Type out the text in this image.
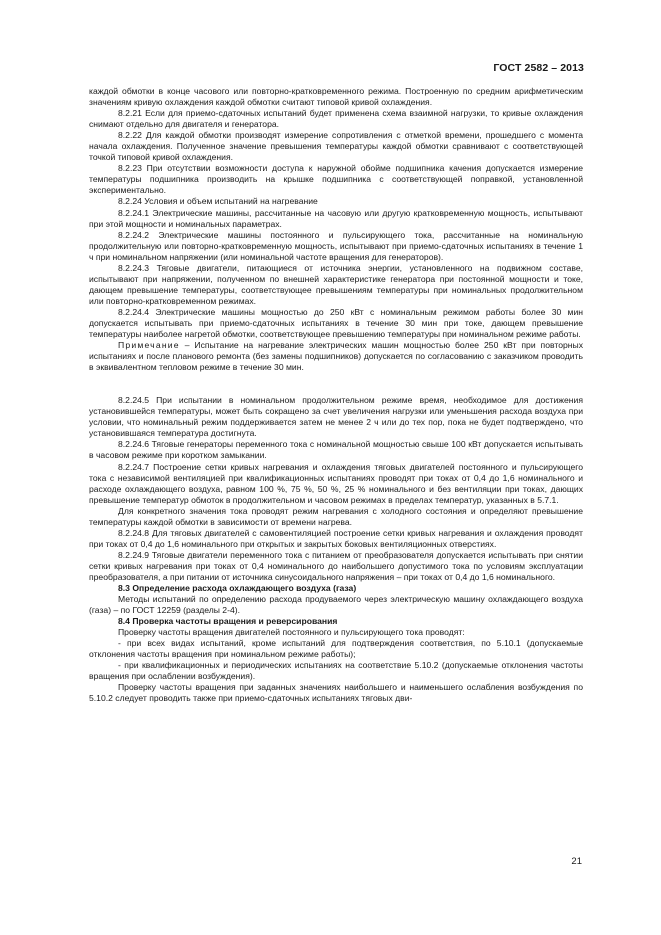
ГОСТ 2582 – 2013

каждой обмотки в конце часового или повторно-кратковременного режима. Построенную по средним арифметическим значениям кривую охлаждения каждой обмотки считают типовой кривой охлаждения.

8.2.21 Если для приемо-сдаточных испытаний будет применена схема взаимной нагрузки, то кривые охлаждения снимают отдельно для двигателя и генератора.

8.2.22 Для каждой обмотки производят измерение сопротивления с отметкой времени, прошедшего с момента начала охлаждения. Полученное значение превышения температуры каждой обмотки сравнивают с соответствующей точкой типовой кривой охлаждения.

8.2.23 При отсутствии возможности доступа к наружной обойме подшипника качения допускается измерение температуры подшипника производить на крышке подшипника с соответствующей поправкой, установленной экспериментально.

8.2.24 Условия и объем испытаний на нагревание

8.2.24.1 Электрические машины, рассчитанные на часовую или другую кратковременную мощность, испытывают при этой мощности и номинальных параметрах.

8.2.24.2 Электрические машины постоянного и пульсирующего тока, рассчитанные на номинальную продолжительную или повторно-кратковременную мощность, испытывают при приемо-сдаточных испытаниях в течение 1 ч при номинальном напряжении (или номинальной частоте вращения для генераторов).

8.2.24.3 Тяговые двигатели, питающиеся от источника энергии, установленного на подвижном составе, испытывают при напряжении, полученном по внешней характеристике генератора при постоянной мощности и токе, дающем превышение температуры, соответствующее превышениям температуры при номинальных продолжительном или повторно-кратковременном режимах.

8.2.24.4 Электрические машины мощностью до 250 кВт с номинальным режимом работы более 30 мин допускается испытывать при приемо-сдаточных испытаниях в течение 30 мин при токе, дающем превышение температуры наиболее нагретой обмотки, соответствующее превышению температуры при номинальном режиме работы.

Примечание – Испытание на нагревание электрических машин мощностью более 250 кВт при повторных испытаниях и после планового ремонта (без замены подшипников) допускается по согласованию с заказчиком проводить в эквивалентном тепловом режиме в течение 30 мин.

8.2.24.5 При испытании в номинальном продолжительном режиме время, необходимое для достижения установившейся температуры, может быть сокращено за счет увеличения нагрузки или уменьшения расхода воздуха при условии, что номинальный режим поддерживается затем не менее 2 ч или до тех пор, пока не будет подтверждено, что установившаяся температура достигнута.

8.2.24.6 Тяговые генераторы переменного тока с номинальной мощностью свыше 100 кВт допускается испытывать в часовом режиме при коротком замыкании.

8.2.24.7 Построение сетки кривых нагревания и охлаждения тяговых двигателей постоянного и пульсирующего тока с независимой вентиляцией при квалификационных испытаниях проводят при токах от 0,4 до 1,6 номинального и расходе охлаждающего воздуха, равном 100 %, 75 %, 50 %, 25 % номинального и без вентиляции при токах, дающих превышение температур обмоток в продолжительном и часовом режимах в пределах температур, указанных в 5.7.1.

Для конкретного значения тока проводят режим нагревания с холодного состояния и определяют превышение температуры каждой обмотки в зависимости от времени нагрева.

8.2.24.8 Для тяговых двигателей с самовентиляцией построение сетки кривых нагревания и охлаждения проводят при токах от 0,4 до 1,6 номинального при открытых и закрытых боковых вентиляционных отверстиях.

8.2.24.9 Тяговые двигатели переменного тока с питанием от преобразователя допускается испытывать при снятии сетки кривых нагревания при токах от 0,4 номинального до наибольшего допустимого тока по условиям эксплуатации преобразователя, а при питании от источника синусоидального напряжения – при токах от 0,4 до 1,6 номинального.

8.3 Определение расхода охлаждающего воздуха (газа)

Методы испытаний по определению расхода продуваемого через электрическую машину охлаждающего воздуха (газа) – по ГОСТ 12259 (разделы 2-4).

8.4 Проверка частоты вращения и реверсирования

Проверку частоты вращения двигателей постоянного и пульсирующего тока проводят:

- при всех видах испытаний, кроме испытаний для подтверждения соответствия, по 5.10.1 (допускаемые отклонения частоты вращения при номинальном режиме работы);

- при квалификационных и периодических испытаниях на соответствие 5.10.2 (допускаемые отклонения частоты вращения при ослаблении возбуждения).

Проверку частоты вращения при заданных значениях наибольшего и наименьшего ослабления возбуждения по 5.10.2 следует проводить также при приемо-сдаточных испытаниях тяговых дви-

21
